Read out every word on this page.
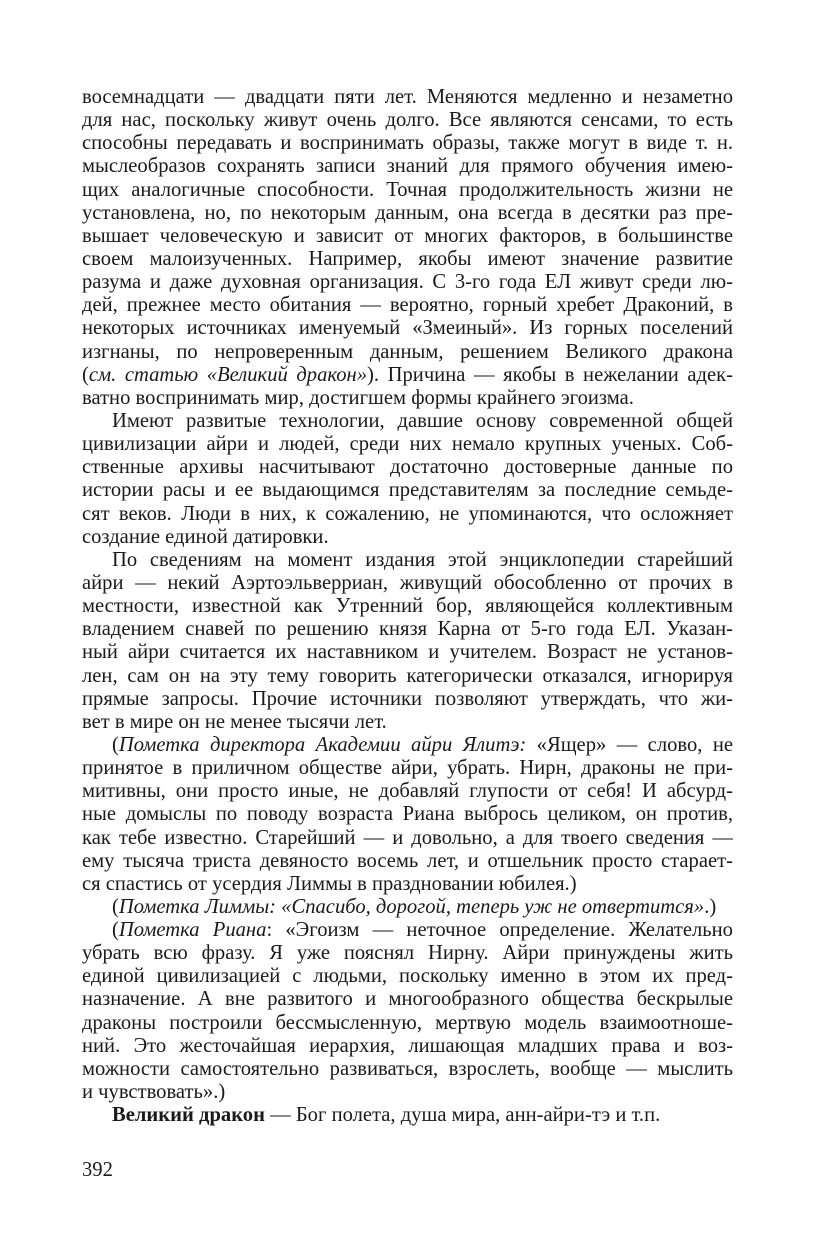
восемнадцати — двадцати пяти лет. Меняются медленно и незаметно
для нас, поскольку живут очень долго. Все являются сенсами, то есть
способны передавать и воспринимать образы, также могут в виде т. н.
мыслеобразов сохранять записи знаний для прямого обучения имею-
щих аналогичные способности. Точная продолжительность жизни не
установлена, но, по некоторым данным, она всегда в десятки раз пре-
вышает человеческую и зависит от многих факторов, в большинстве
своем малоизученных. Например, якобы имеют значение развитие
разума и даже духовная организация. С 3-го года ЕЛ живут среди лю-
дей, прежнее место обитания — вероятно, горный хребет Драконий, в
некоторых источниках именуемый «Змеиный». Из горных поселений
изгнаны, по непроверенным данным, решением Великого дракона
(см. статью «Великий дракон»). Причина — якобы в нежелании адек-
ватно воспринимать мир, достигшем формы крайнего эгоизма.
Имеют развитые технологии, давшие основу современной общей
цивилизации айри и людей, среди них немало крупных ученых. Соб-
ственные архивы насчитывают достаточно достоверные данные по
истории расы и ее выдающимся представителям за последние семьде-
сят веков. Люди в них, к сожалению, не упоминаются, что осложняет
создание единой датировки.
По сведениям на момент издания этой энциклопедии старейший
айри — некий Аэртоэльверриан, живущий обособленно от прочих в
местности, известной как Утренний бор, являющейся коллективным
владением снавей по решению князя Карна от 5-го года ЕЛ. Указан-
ный айри считается их наставником и учителем. Возраст не установ-
лен, сам он на эту тему говорить категорически отказался, игнорируя
прямые запросы. Прочие источники позволяют утверждать, что жи-
вет в мире он не менее тысячи лет.
(Пометка директора Академии айри Ялитэ: «Ящер» — слово, не
принятое в приличном обществе айри, убрать. Нирн, драконы не при-
митивны, они просто иные, не добавляй глупости от себя! И абсурд-
ные домыслы по поводу возраста Риана выбрось целиком, он против,
как тебе известно. Старейший — и довольно, а для твоего сведения —
ему тысяча триста девяносто восемь лет, и отшельник просто старает-
ся спастись от усердия Лиммы в праздновании юбилея.)
(Пометка Лиммы: «Спасибо, дорогой, теперь уж не отвертится».)
(Пометка Риана: «Эгоизм — неточное определение. Желательно
убрать всю фразу. Я уже пояснял Нирну. Айри принуждены жить
единой цивилизацией с людьми, поскольку именно в этом их пред-
назначение. А вне развитого и многообразного общества бескрылые
драконы построили бессмысленную, мертвую модель взаимоотноше-
ний. Это жесточайшая иерархия, лишающая младших права и воз-
можности самостоятельно развиваться, взрослеть, вообще — мыслить
и чувствовать».)
Великий дракон — Бог полета, душа мира, анн-айри-тэ и т.п.
392
